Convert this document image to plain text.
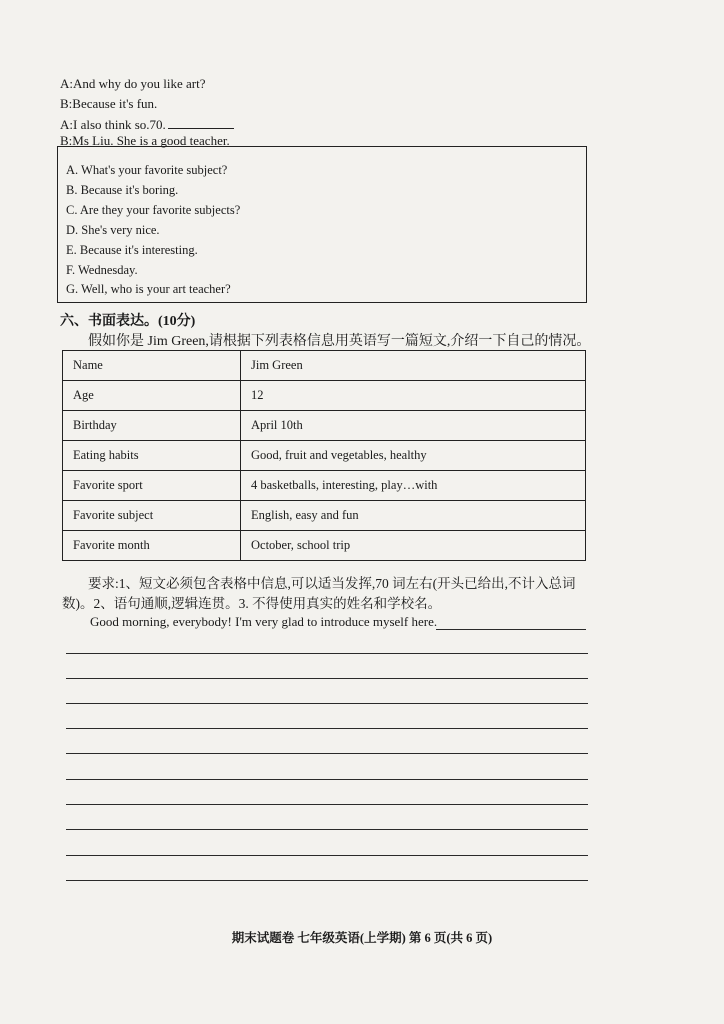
A:And why do you like art?
B:Because it's fun.
A:I also think so.70.
B:Ms Liu. She is a good teacher.
A. What's your favorite subject?
B. Because it's boring.
C. Are they your favorite subjects?
D. She's very nice.
E. Because it's interesting.
F. Wednesday.
G. Well, who is your art teacher?
六、书面表达。(10分)
假如你是 Jim Green,请根据下列表格信息用英语写一篇短文,介绍一下自己的情况。
Name	Jim Green
Age	12
Birthday	April 10th
Eating habits	Good, fruit and vegetables, healthy
Favorite sport	4 basketballs, interesting, play…with
Favorite subject	English, easy and fun
Favorite month	October, school trip
要求:1、短文必须包含表格中信息,可以适当发挥,70 词左右(开头已给出,不计入总词
数)。2、语句通顺,逻辑连贯。3. 不得使用真实的姓名和学校名。
Good morning, everybody! I'm very glad to introduce myself here.
期末试题卷 七年级英语(上学期) 第 6 页(共 6 页)
